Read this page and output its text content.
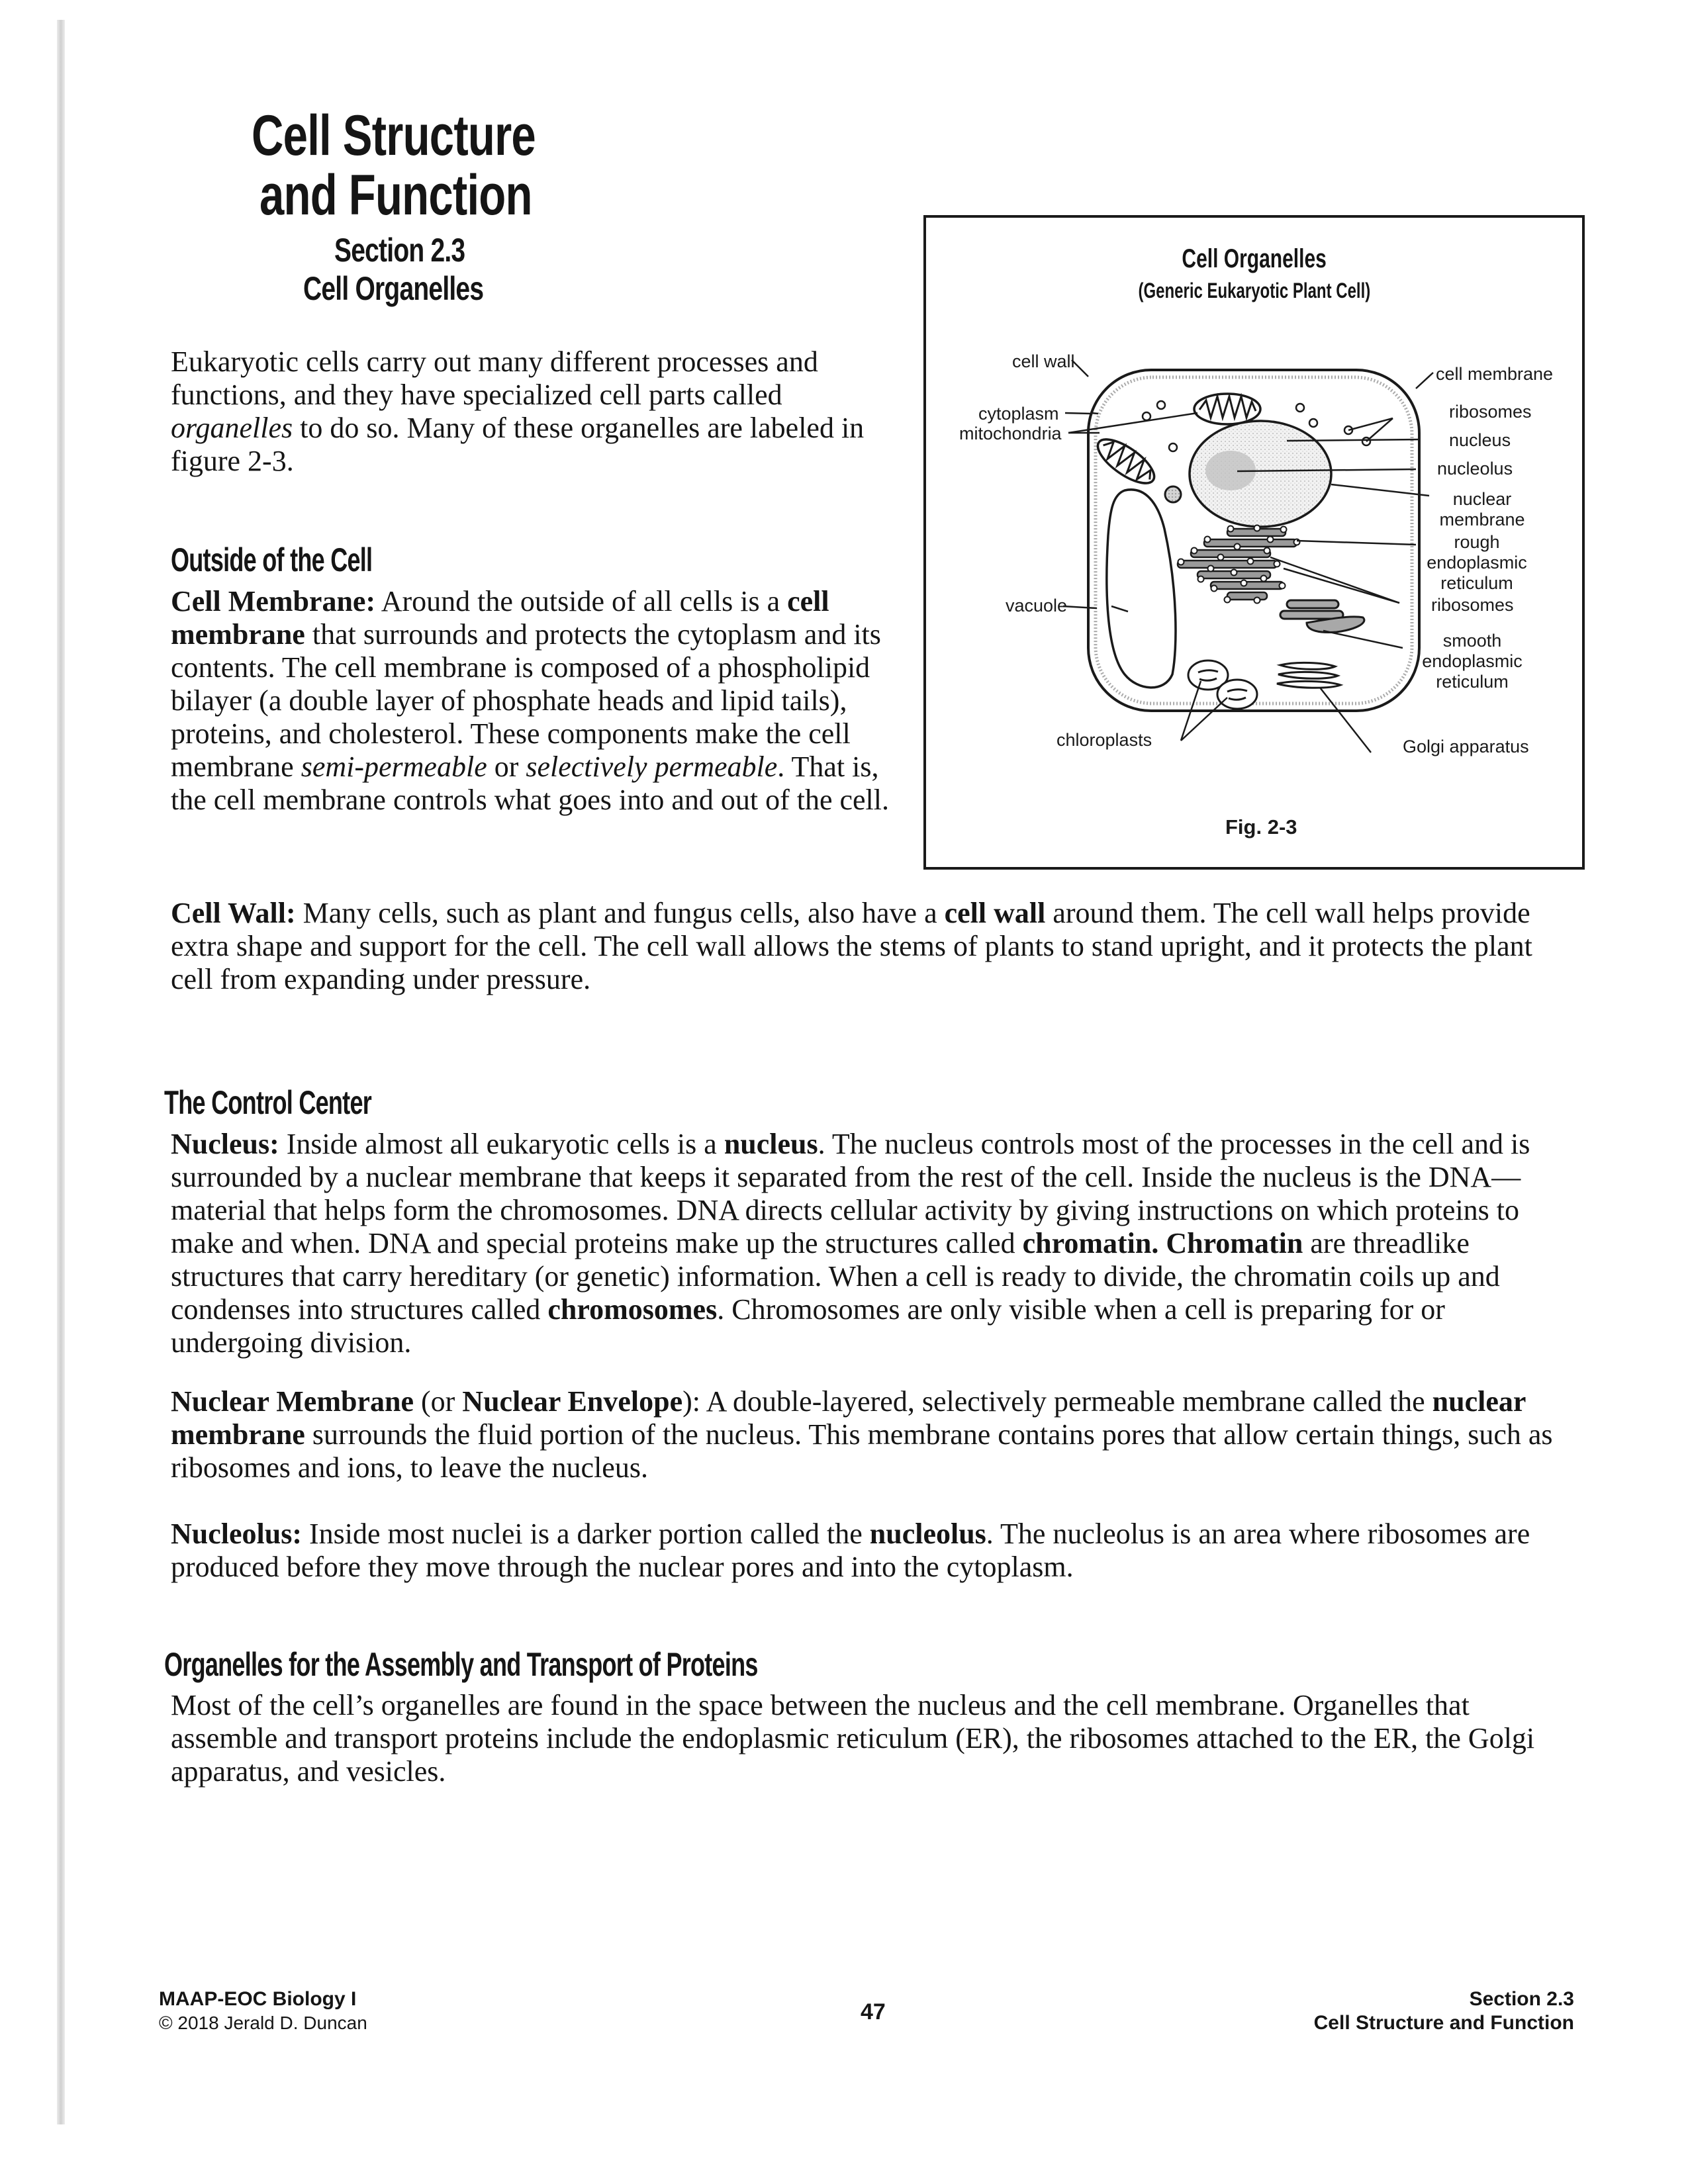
Cell Structure
and Function
Section 2.3
Cell Organelles

Eukaryotic cells carry out many different processes and functions, and they have specialized cell parts called organelles to do so. Many of these organelles are labeled in figure 2-3.

Outside of the Cell

Cell Membrane: Around the outside of all cells is a cell membrane that surrounds and protects the cytoplasm and its contents. The cell membrane is composed of a phospholipid bilayer (a double layer of phosphate heads and lipid tails), proteins, and cholesterol. These components make the cell membrane semi-permeable or selectively permeable. That is, the cell membrane controls what goes into and out of the cell.

Cell Organelles
(Generic Eukaryotic Plant Cell)
cell wall
cytoplasm
mitochondria
vacuole
chloroplasts
cell membrane
ribosomes
nucleus
nucleolus
nuclear
membrane
rough
endoplasmic
reticulum
ribosomes
smooth
endoplasmic
reticulum
Golgi apparatus
Fig. 2-3

Cell Wall: Many cells, such as plant and fungus cells, also have a cell wall around them. The cell wall helps provide extra shape and support for the cell. The cell wall allows the stems of plants to stand upright, and it protects the plant cell from expanding under pressure.

The Control Center

Nucleus: Inside almost all eukaryotic cells is a nucleus. The nucleus controls most of the processes in the cell and is surrounded by a nuclear membrane that keeps it separated from the rest of the cell. Inside the nucleus is the DNA— material that helps form the chromosomes. DNA directs cellular activity by giving instructions on which proteins to make and when. DNA and special proteins make up the structures called chromatin. Chromatin are threadlike structures that carry hereditary (or genetic) information. When a cell is ready to divide, the chromatin coils up and condenses into structures called chromosomes. Chromosomes are only visible when a cell is preparing for or undergoing division.

Nuclear Membrane (or Nuclear Envelope): A double-layered, selectively permeable membrane called the nuclear membrane surrounds the fluid portion of the nucleus. This membrane contains pores that allow certain things, such as ribosomes and ions, to leave the nucleus.

Nucleolus: Inside most nuclei is a darker portion called the nucleolus. The nucleolus is an area where ribosomes are produced before they move through the nuclear pores and into the cytoplasm.

Organelles for the Assembly and Transport of Proteins

Most of the cell’s organelles are found in the space between the nucleus and the cell membrane. Organelles that assemble and transport proteins include the endoplasmic reticulum (ER), the ribosomes attached to the ER, the Golgi apparatus, and vesicles.

MAAP-EOC Biology I
© 2018 Jerald D. Duncan	47
Section 2.3
Cell Structure and Function
